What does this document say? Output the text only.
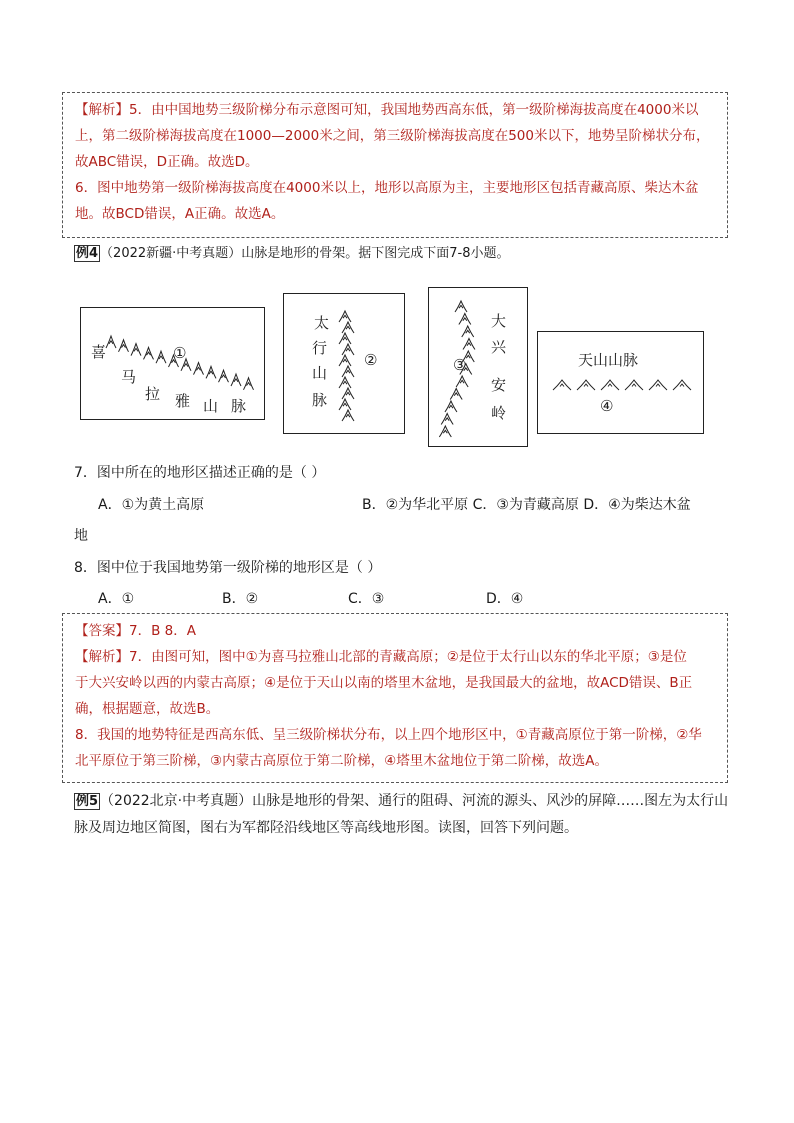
【解析】5．由中国地势三级阶梯分布示意图可知，我国地势西高东低，第一级阶梯海拔高度在4000米以
上，第二级阶梯海拔高度在1000—2000米之间，第三级阶梯海拔高度在500米以下，地势呈阶梯状分布，
故ABC错误，D正确。故选D。
6．图中地势第一级阶梯海拔高度在4000米以上，地形以高原为主，主要地形区包括青藏高原、柴达木盆
地。故BCD错误，A正确。故选A。
例4 （2022新疆·中考真题）山脉是地形的骨架。据下图完成下面7-8小题。
喜
马
拉 雅 山 脉
①
太
行
山
脉
②
大
兴
安
岭
③	天山山脉
④
7．图中所在的地形区描述正确的是（ ）
A．①为黄土高原	B．②为华北平原 C．③为青藏高原 D．④为柴达木盆
地
8．图中位于我国地势第一级阶梯的地形区是（ ）
A．①	B．②	C．③	D．④
【答案】7．B 8．A
【解析】7．由图可知，图中①为喜马拉雅山北部的青藏高原；②是位于太行山以东的华北平原；③是位
于大兴安岭以西的内蒙古高原；④是位于天山以南的塔里木盆地，是我国最大的盆地，故ACD错误、B正
确，根据题意，故选B。
8．我国的地势特征是西高东低、呈三级阶梯状分布，以上四个地形区中，①青藏高原位于第一阶梯，②华
北平原位于第三阶梯，③内蒙古高原位于第二阶梯，④塔里木盆地位于第二阶梯，故选A。
例5 （2022北京·中考真题）山脉是地形的骨架、通行的阻碍、河流的源头、风沙的屏障……图左为太行山
脉及周边地区简图，图右为军都陉沿线地区等高线地形图。读图，回答下列问题。
